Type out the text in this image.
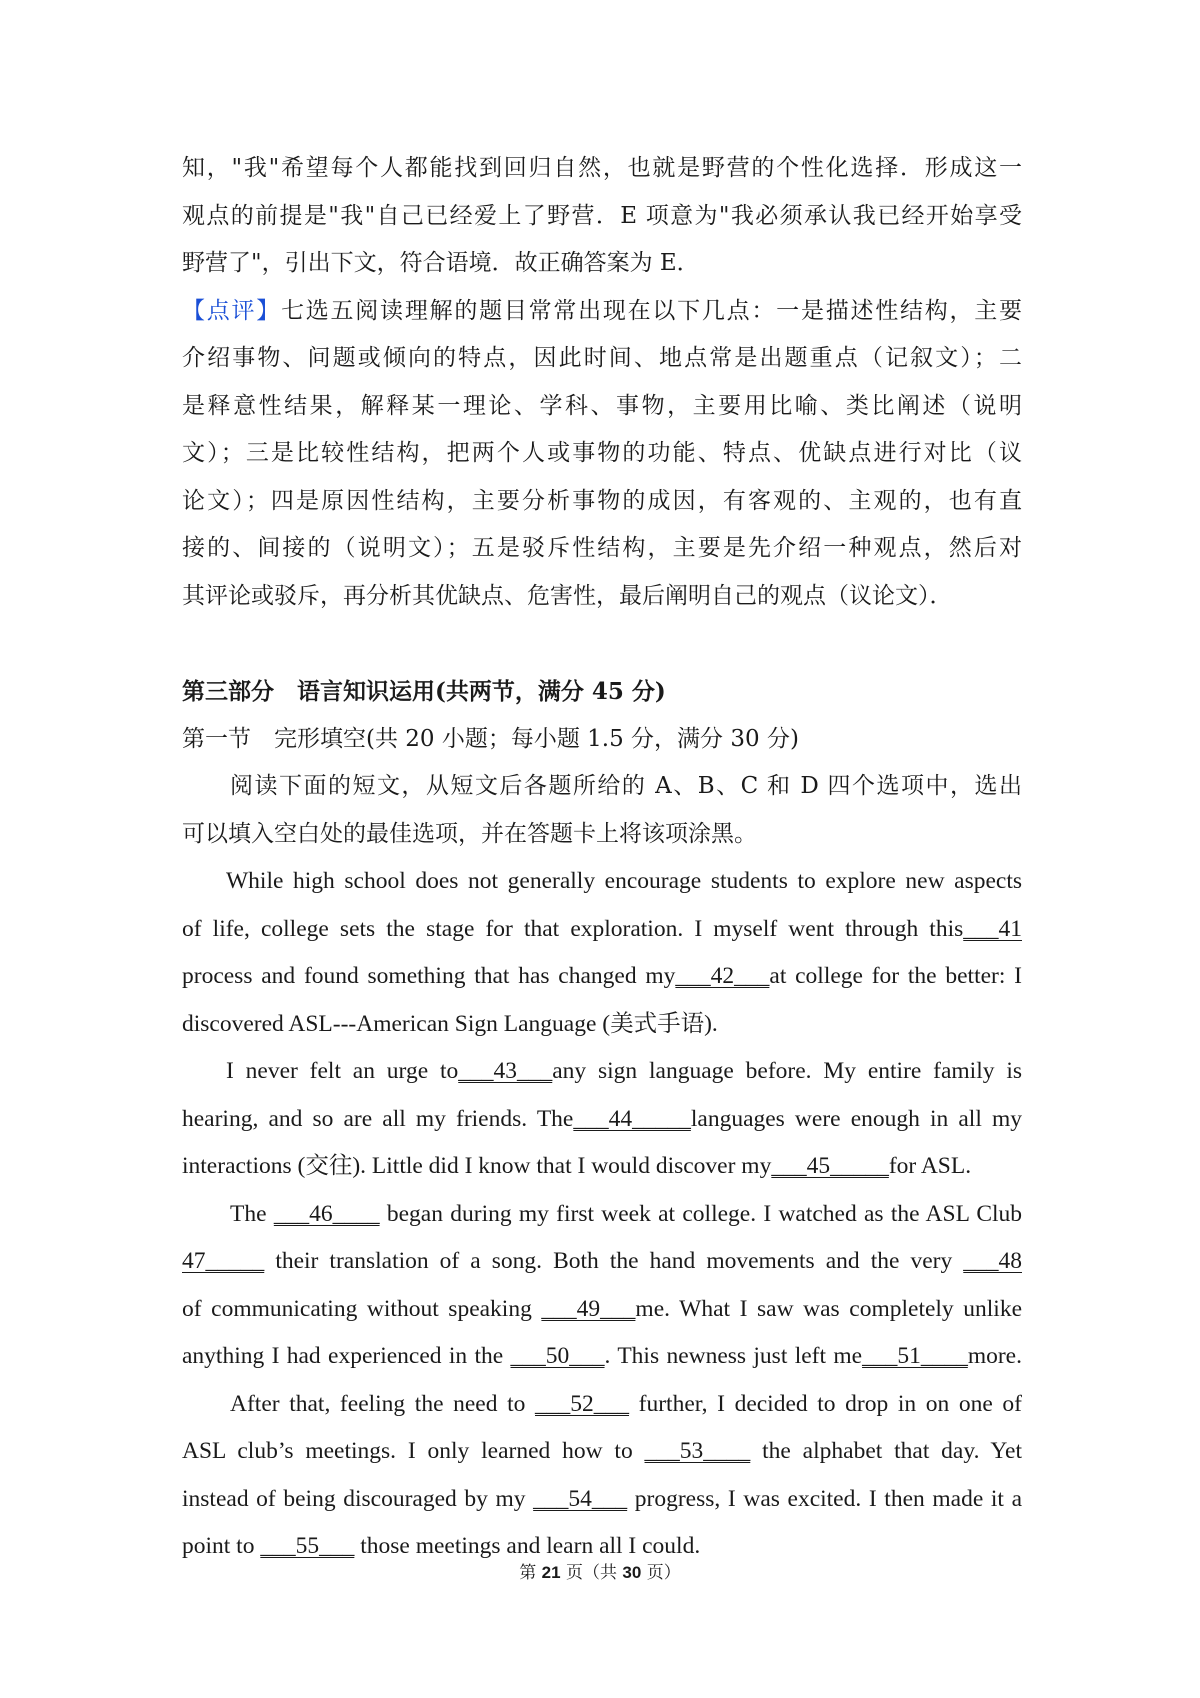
知，"我"希望每个人都能找到回归自然，也就是野营的个性化选择．形成这一
观点的前提是"我"自己已经爱上了野营．E 项意为"我必须承认我已经开始享受
野营了"，引出下文，符合语境．故正确答案为 E．
【点评】七选五阅读理解的题目常常出现在以下几点：一是描述性结构，主要
介绍事物、问题或倾向的特点，因此时间、地点常是出题重点（记叙文）；二
是释意性结果，解释某一理论、学科、事物，主要用比喻、类比阐述（说明
文）；三是比较性结构，把两个人或事物的功能、特点、优缺点进行对比（议
论文）；四是原因性结构，主要分析事物的成因，有客观的、主观的，也有直
接的、间接的（说明文）；五是驳斥性结构，主要是先介绍一种观点，然后对
其评论或驳斥，再分析其优缺点、危害性，最后阐明自己的观点（议论文）．
第三部分　语言知识运用(共两节，满分 45 分)
第一节　完形填空(共 20 小题；每小题 1.5 分，满分 30 分)
阅读下面的短文，从短文后各题所给的 A、B、C 和 D 四个选项中，选出
可以填入空白处的最佳选项，并在答题卡上将该项涂黑。
While high school does not generally encourage students to explore new aspects
of life, college sets the stage for that exploration. I myself went through this___41
process and found something that has changed my___42___at college for the better: I
discovered ASL---American Sign Language (美式手语).
I never felt an urge to___43___any sign language before. My entire family is
hearing, and so are all my friends. The___44_____languages were enough in all my
interactions (交往). Little did I know that I would discover my___45_____for ASL.
The ___46____ began during my first week at college. I watched as the ASL Club
47_____ their translation of a song. Both the hand movements and the very ___48
of communicating without speaking ___49___me. What I saw was completely unlike
anything I had experienced in the ___50___. This newness just left me___51____more.
After that, feeling the need to ___52___ further, I decided to drop in on one of
ASL club’s meetings. I only learned how to ___53____ the alphabet that day. Yet
instead of being discouraged by my ___54___ progress, I was excited. I then made it a
point to ___55___ those meetings and learn all I could.
第 21 页（共 30 页）
